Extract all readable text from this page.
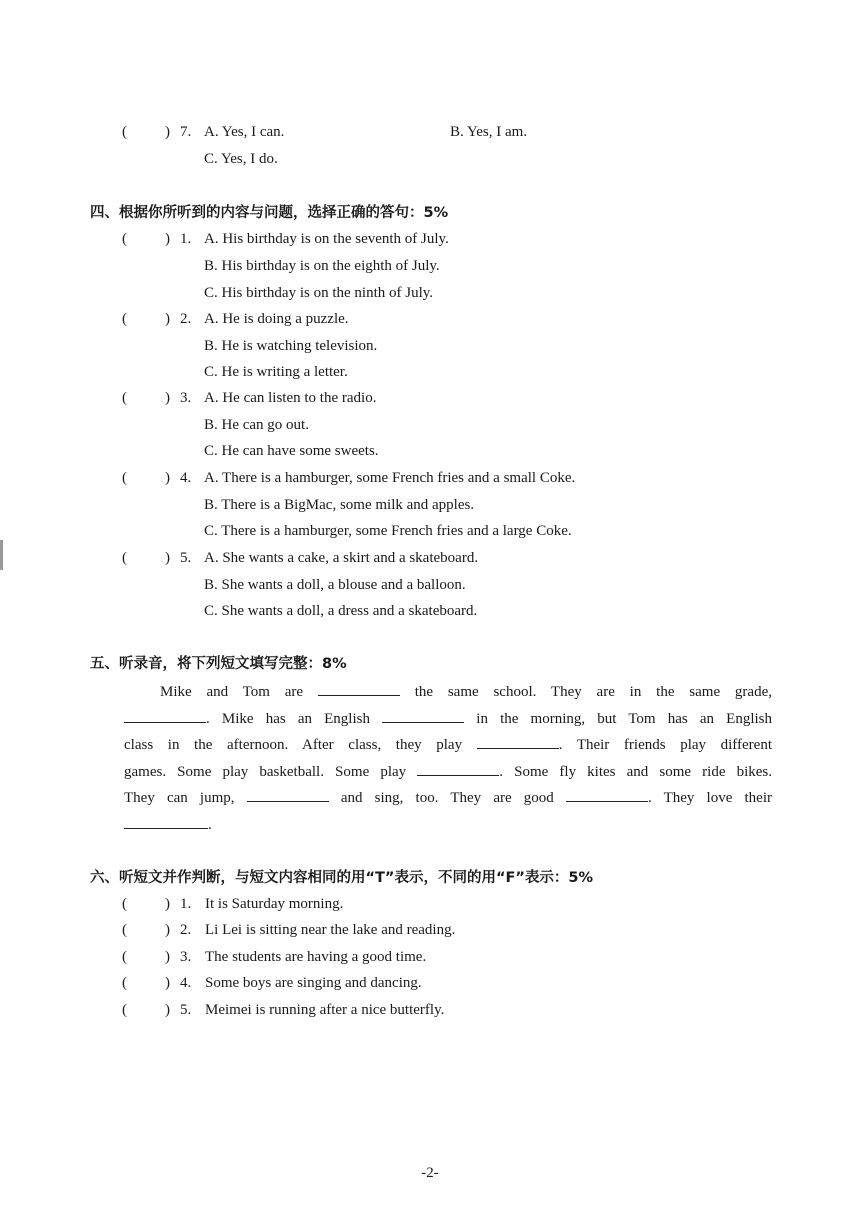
(	) 7. A. Yes, I can.	B. Yes, I am.
C. Yes, I do.
四、根据你所听到的内容与问题，选择正确的答句：5%
(	) 1. A. His birthday is on the seventh of July.
B. His birthday is on the eighth of July.
C. His birthday is on the ninth of July.
(	) 2. A. He is doing a puzzle.
B. He is watching television.
C. He is writing a letter.
(	) 3. A. He can listen to the radio.
B. He can go out.
C. He can have some sweets.
(	) 4. A. There is a hamburger, some French fries and a small Coke.
B. There is a BigMac, some milk and apples.
C. There is a hamburger, some French fries and a large Coke.
(	) 5. A. She wants a cake, a skirt and a skateboard.
B. She wants a doll, a blouse and a balloon.
C. She wants a doll, a dress and a skateboard.
五、听录音，将下列短文填写完整：8%
Mike and Tom are	the same school. They are in the same grade,
. Mike has an English	in the morning, but Tom has an English
class in the afternoon. After class, they play	. Their friends play different
games. Some play basketball. Some play	. Some fly kites and some ride bikes.
They can jump,	and sing, too. They are good	. They love their
.
六、听短文并作判断，与短文内容相同的用“T”表示，不同的用“F”表示：5%
(	) 1. It is Saturday morning.
(	) 2. Li Lei is sitting near the lake and reading.
(	) 3. The students are having a good time.
(	) 4. Some boys are singing and dancing.
(	) 5. Meimei is running after a nice butterfly.
-2-
